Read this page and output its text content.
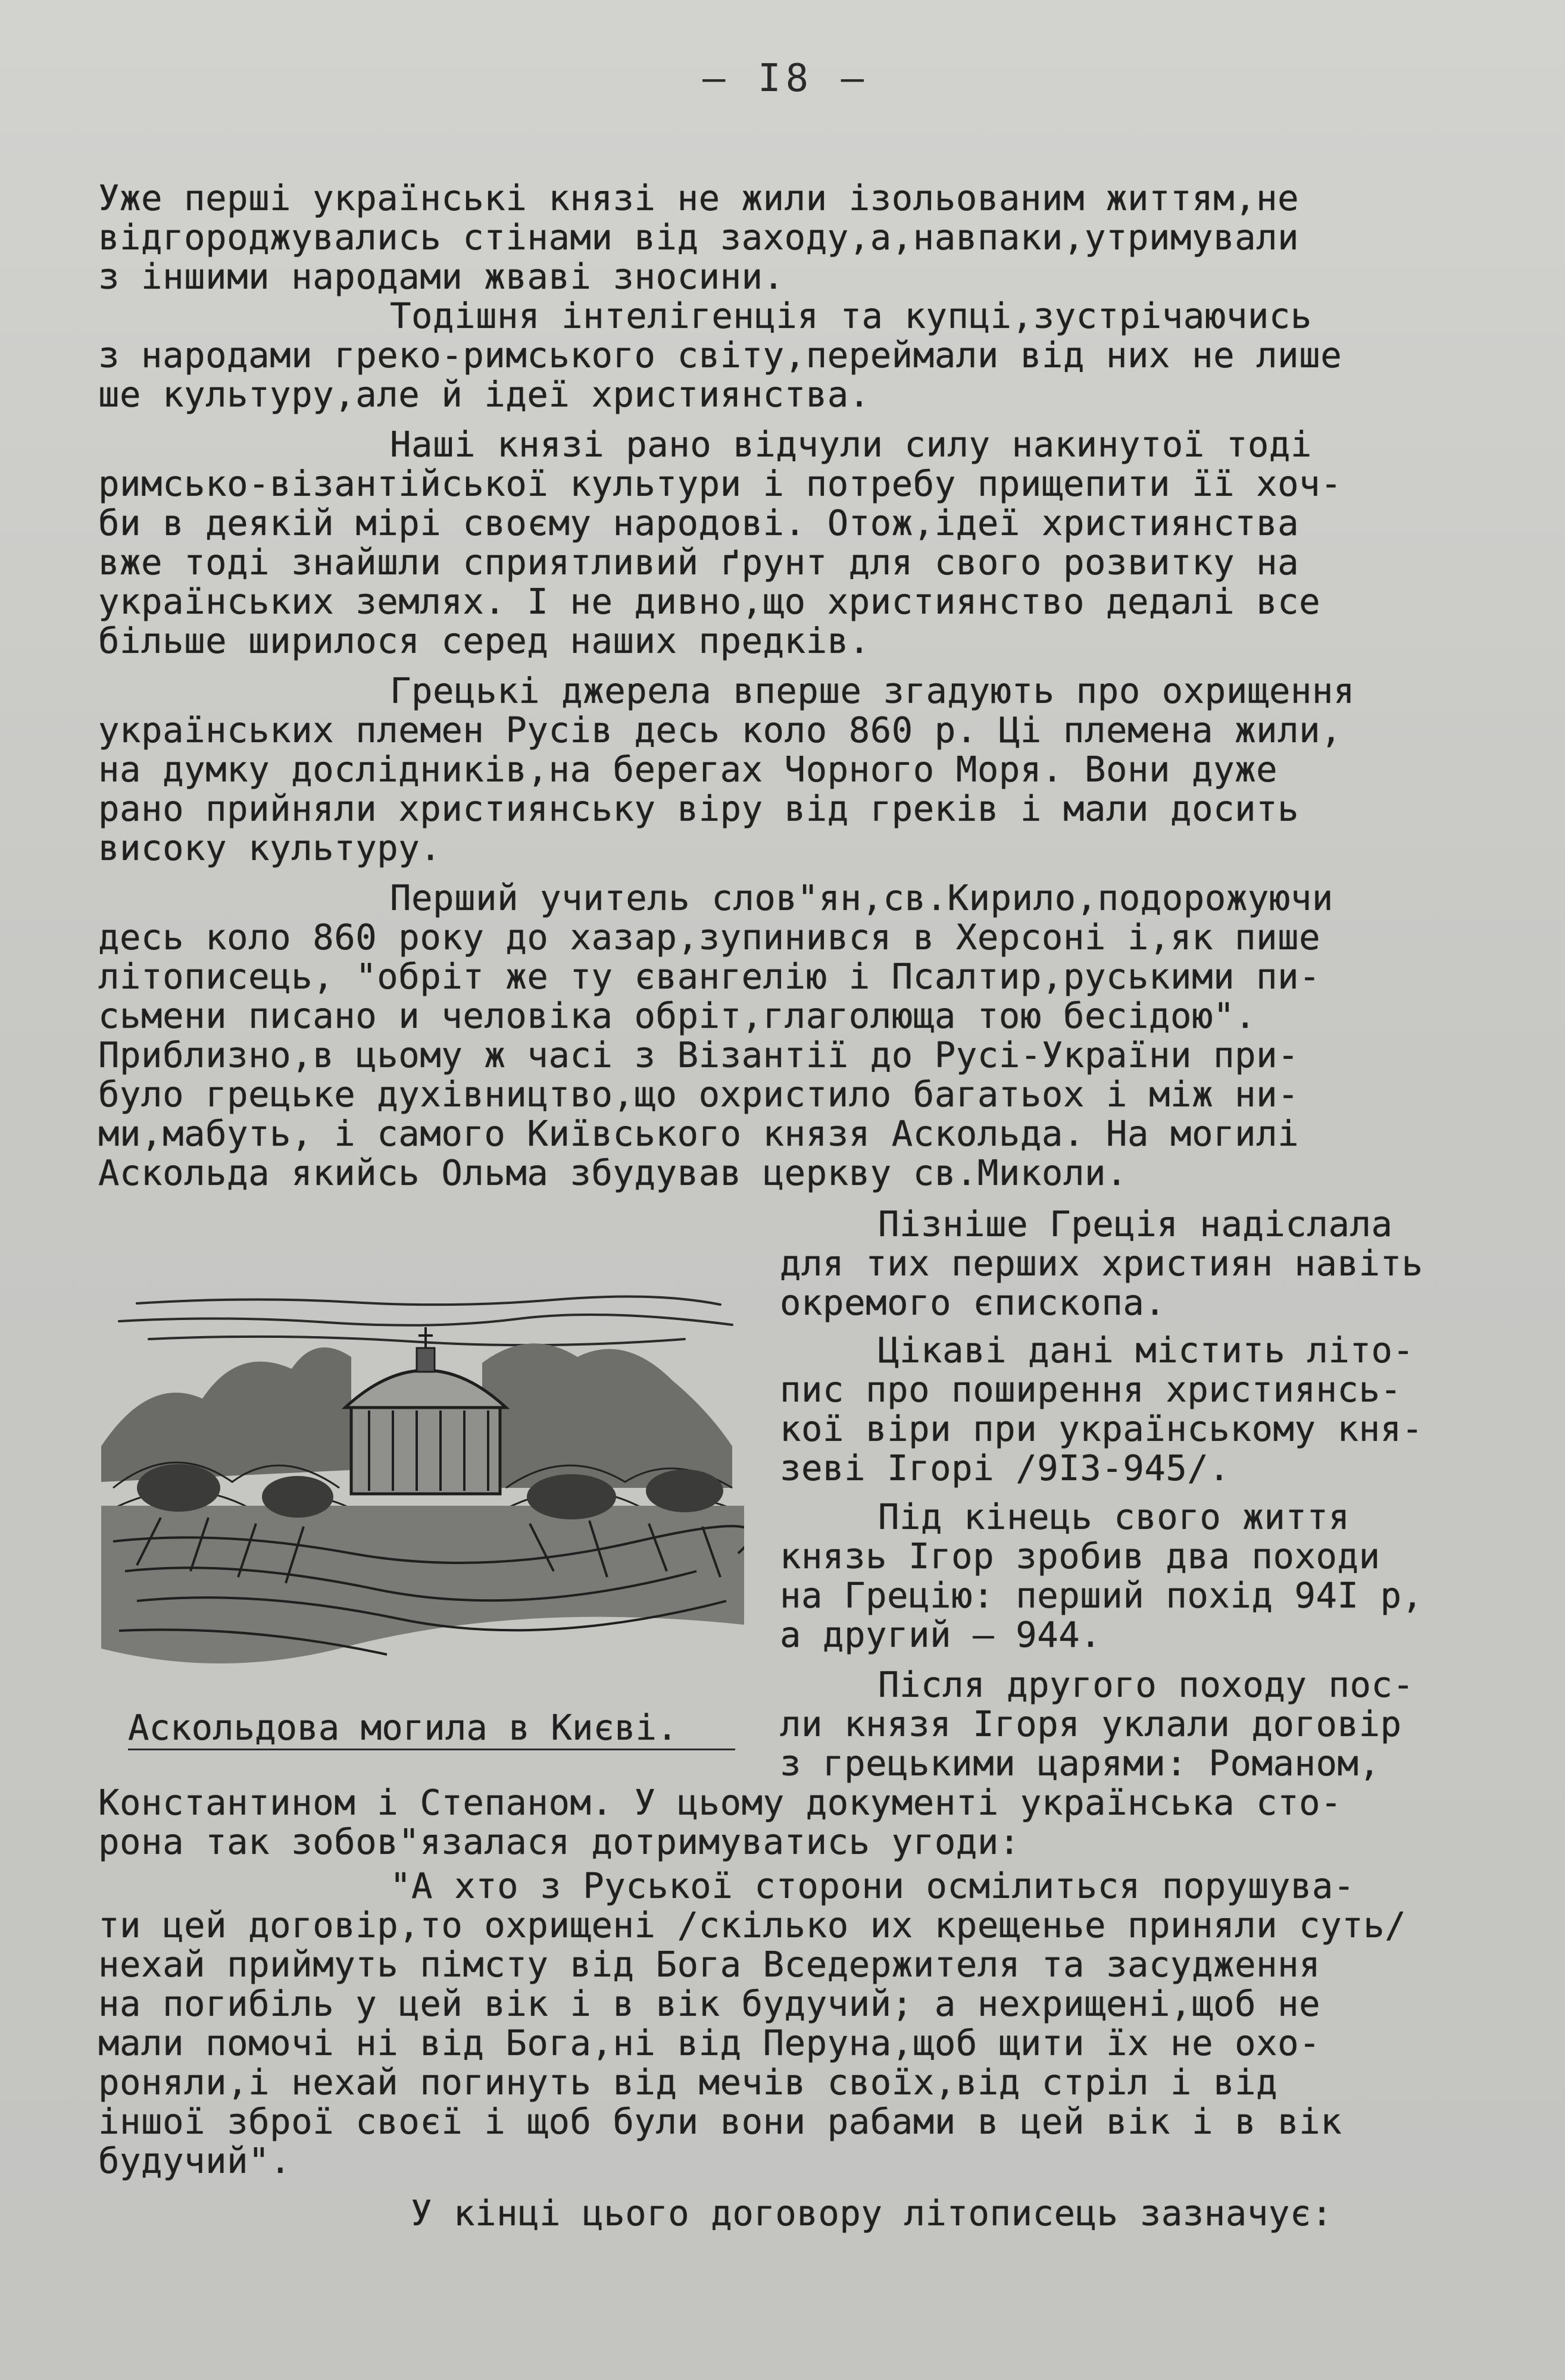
– I8 –

Уже перші українські князі не жили ізольованим життям,не

відгороджувались стінами від заходу,а,навпаки,утримували

з іншими народами жваві зносини.

Тодішня інтелігенція та купці,зустрічаючись

з народами греко-римського світу,переймали від них не лише

ше культуру,але й ідеї християнства.

Наші князі рано відчули силу накинутої тоді

римсько-візантійської культури і потребу прищепити її хоч-

би в деякій мірі своєму народові. Отож,ідеї християнства

вже тоді знайшли сприятливий ґрунт для свого розвитку на

українських землях. І не дивно,що християнство дедалі все

більше ширилося серед наших предків.

Грецькі джерела вперше згадують про охрищення

українських племен Русів десь коло 860 р. Ці племена жили,

на думку дослідників,на берегах Чорного Моря. Вони дуже

рано прийняли християнську віру від греків і мали досить

високу культуру.

Перший учитель слов"ян,св.Кирило,подорожуючи

десь коло 860 року до хазар,зупинився в Херсоні і,як пише

літописець, "обріт же ту євангелію і Псалтир,руськими пи-

сьмени писано и человіка обріт,глаголюща тою бесідою".

Приблизно,в цьому ж часі з Візантії до Русі-України при-

було грецьке духівництво,що охристило багатьох і між ни-

ми,мабуть, і самого Київського князя Аскольда. На могилі

Аскольда якийсь Ольма збудував церкву св.Миколи.

Пізніше Греція надіслала

для тих перших християн навіть

окремого єпископа.

Цікаві дані містить літо-

пис про поширення християнсь-

кої віри при українському кня-

зеві Ігорі /9I3-945/.

Під кінець свого життя

князь Ігор зробив два походи

на Грецію: перший похід 94I р,

а другий – 944.

Після другого походу пос-

ли князя Ігоря уклали договір

з грецькими царями: Романом,

Константином і Степаном. У цьому документі українська сто-

рона так зобов"язалася дотримуватись угоди:

"А хто з Руської сторони осмілиться порушува-

ти цей договір,то охрищені /скілько их крещенье приняли суть/

нехай приймуть пімсту від Бога Вседержителя та засудження

на погибіль у цей вік і в вік будучий; а нехрищені,щоб не

мали помочі ні від Бога,ні від Перуна,щоб щити їх не охо-

роняли,і нехай погинуть від мечів своїх,від стріл і від

іншої зброї своєї і щоб були вони рабами в цей вік і в вік

будучий".

У кінці цього договору літописець зазначує:

Аскольдова могила в Києві.
